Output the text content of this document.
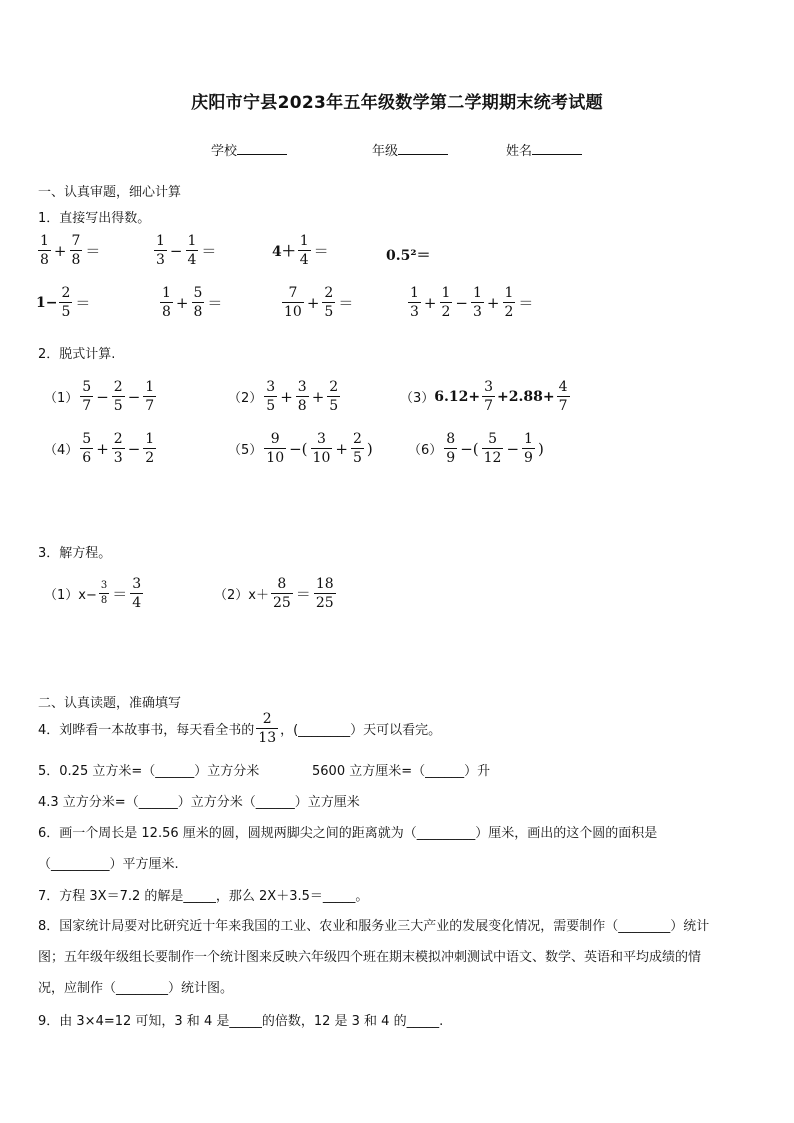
庆阳市宁县2023年五年级数学第二学期期末统考试题
学校	年级	姓名
一、认真审题，细心计算
1．直接写出得数。
$\frac{1}{8} + \frac{7}{8}$ ＝	$\frac{1}{3} - \frac{1}{4}$ ＝	$4+ \frac{1}{4}$ ＝	0.5²＝
$1- \frac{2}{5}$ ＝	$\frac{1}{8} + \frac{5}{8}$ ＝	$\frac{7}{10} + \frac{2}{5}$ ＝	$\frac{1}{3} + \frac{1}{2} - \frac{1}{3} + \frac{1}{2}$ ＝
2．脱式计算.
$(1) \frac{5}{7} - \frac{2}{5} - \frac{1}{7}$	$(2) \frac{3}{5} + \frac{3}{8} + \frac{2}{5}$	（3） $6.12+ \frac{3}{7} +2.88+ \frac{4}{7}$
$(4) \frac{5}{6} + \frac{2}{3} - \frac{1}{2}$	$(5) \frac{9}{10}$ −( $\frac{3}{10} + \frac{2}{5}$ )	$(6) \frac{8}{9}$ −( $\frac{5}{12} - \frac{1}{9}$ )
3．解方程。
$(1)x- \frac{3}{8} = \frac{3}{4}$	$(2)x+ \frac{8}{25} = \frac{18}{25}$
二、认真读题，准确填写
4．刘晔看一本故事书，每天看全书的 $\frac{2}{13}$ ，(________）天可以看完。
5．0.25 立方米=（______）立方分米	5600 立方厘米=（______）升
4.3 立方分米=（______）立方分米（______）立方厘米
6．画一个周长是 12.56 厘米的圆，圆规两脚尖之间的距离就为（_________）厘米，画出的这个圆的面积是
（_________）平方厘米.
7．方程 3X＝7.2 的解是_____，那么 2X＋3.5＝_____。
8．国家统计局要对比研究近十年来我国的工业、农业和服务业三大产业的发展变化情况，需要制作（________）统计
图；五年级年级组长要制作一个统计图来反映六年级四个班在期末模拟冲刺测试中语文、数学、英语和平均成绩的情
况，应制作（________）统计图。
9．由 3×4=12 可知，3 和 4 是_____的倍数，12 是 3 和 4 的_____.
